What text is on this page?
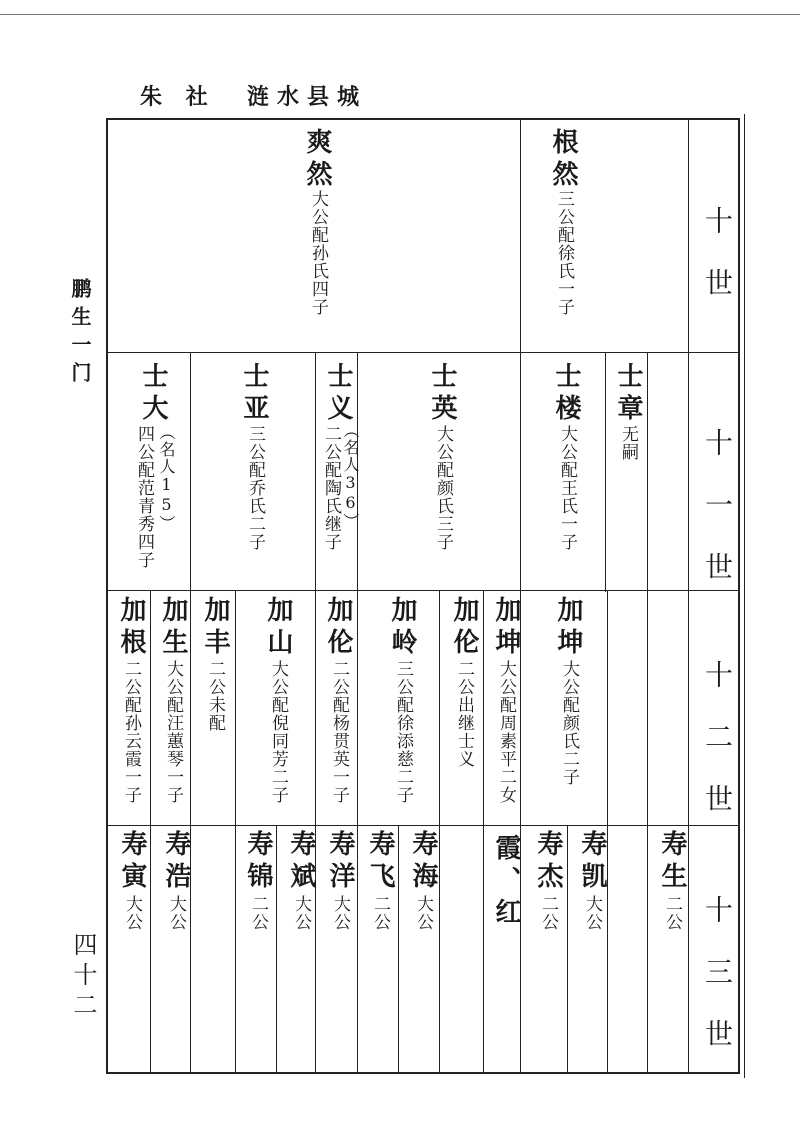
朱 社  涟水县城
鹏生一门
四十二
十世
十一世
十二世
十三世
根然
三公配徐氏一子
爽然
大公配孙氏四子
士章
无嗣
士楼
大公配王氏一子
士英
大公配颜氏三子
士义
（名人36）
二公配陶氏继子
士亚
三公配乔氏二子
士大
（名人15）
四公配范青秀四子
加坤
大公配颜氏二子
加坤
大公配周素平二女
加伦
二公出继士义
加岭
三公配徐添慈二子
加伦
二公配杨贯英一子
加山
大公配倪同芳二子
加丰
二公未配
加生
大公配汪蕙琴一子
加根
二公配孙云霞一子
寿生
二公
寿凯
大公
寿杰
二公
霞、红
寿海
大公
寿飞
二公
寿洋
大公
寿斌
大公
寿锦
二公
寿浩
大公
寿寅
大公
